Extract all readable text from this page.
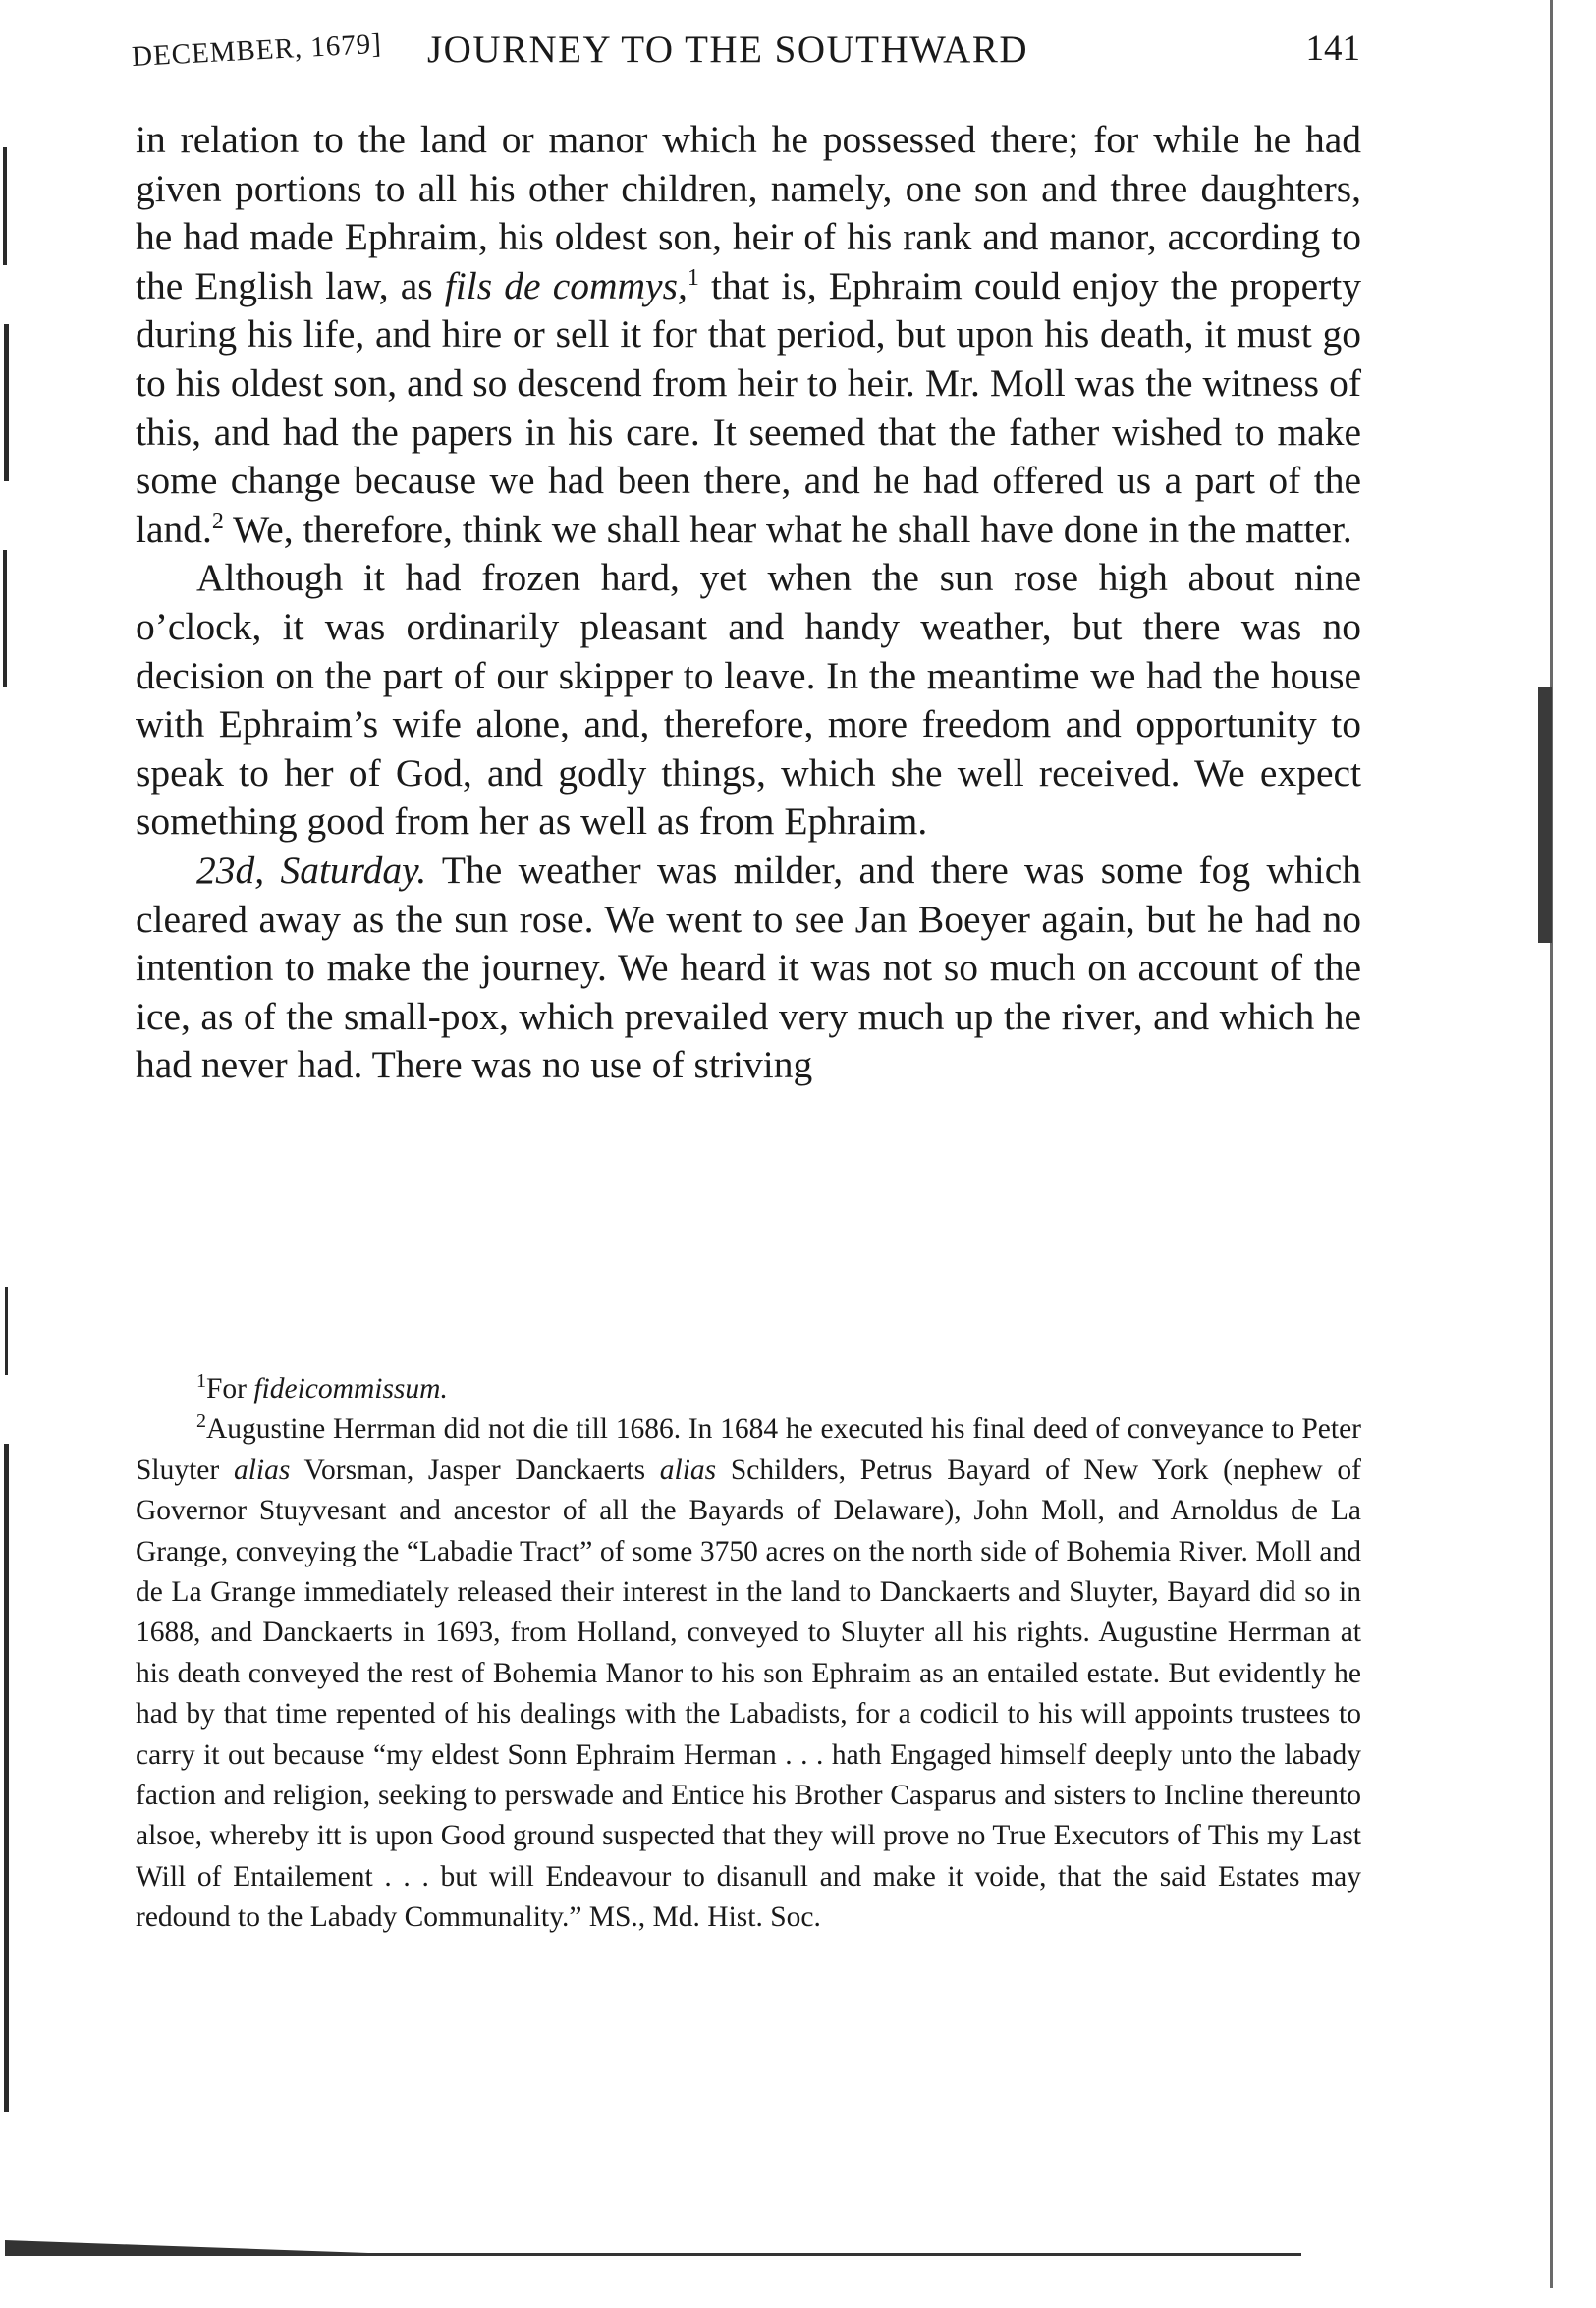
DECEMBER, 1679] JOURNEY TO THE SOUTHWARD	141

in relation to the land or manor which he possessed there; for while he had given portions to all his other children, namely, one son and three daughters, he had made Ephraim, his oldest son, heir of his rank and manor, according to the English law, as fils de commys,$^1$ that is, Ephraim could enjoy the property during his life, and hire or sell it for that period, but upon his death, it must go to his oldest son, and so descend from heir to heir. Mr. Moll was the witness of this, and had the papers in his care. It seemed that the father wished to make some change because we had been there, and he had offered us a part of the land.$^2$ We, therefore, think we shall hear what he shall have done in the matter.

Although it had frozen hard, yet when the sun rose high about nine o’clock, it was ordinarily pleasant and handy weather, but there was no decision on the part of our skipper to leave. In the meantime we had the house with Ephraim’s wife alone, and, therefore, more freedom and opportunity to speak to her of God, and godly things, which she well received. We expect something good from her as well as from Ephraim.

23d, Saturday. The weather was milder, and there was some fog which cleared away as the sun rose. We went to see Jan Boeyer again, but he had no intention to make the journey. We heard it was not so much on account of the ice, as of the small-pox, which prevailed very much up the river, and which he had never had. There was no use of striving

$^1$For fideicommissum.

$^2$Augustine Herrman did not die till 1686. In 1684 he executed his final deed of conveyance to Peter Sluyter alias Vorsman, Jasper Danckaerts alias Schilders, Petrus Bayard of New York (nephew of Governor Stuyvesant and ancestor of all the Bayards of Delaware), John Moll, and Arnoldus de La Grange, conveying the “Labadie Tract” of some 3750 acres on the north side of Bohemia River. Moll and de La Grange immediately released their interest in the land to Danckaerts and Sluyter, Bayard did so in 1688, and Danckaerts in 1693, from Holland, conveyed to Sluyter all his rights. Augustine Herrman at his death conveyed the rest of Bohemia Manor to his son Ephraim as an entailed estate. But evidently he had by that time repented of his dealings with the Labadists, for a codicil to his will appoints trustees to carry it out because “my eldest Sonn Ephraim Herman . . . hath Engaged himself deeply unto the labady faction and religion, seeking to perswade and Entice his Brother Casparus and sisters to Incline thereunto alsoe, whereby itt is upon Good ground suspected that they will prove no True Executors of This my Last Will of Entailement . . . but will Endeavour to disanull and make it voide, that the said Estates may redound to the Labady Communality.” MS., Md. Hist. Soc.
